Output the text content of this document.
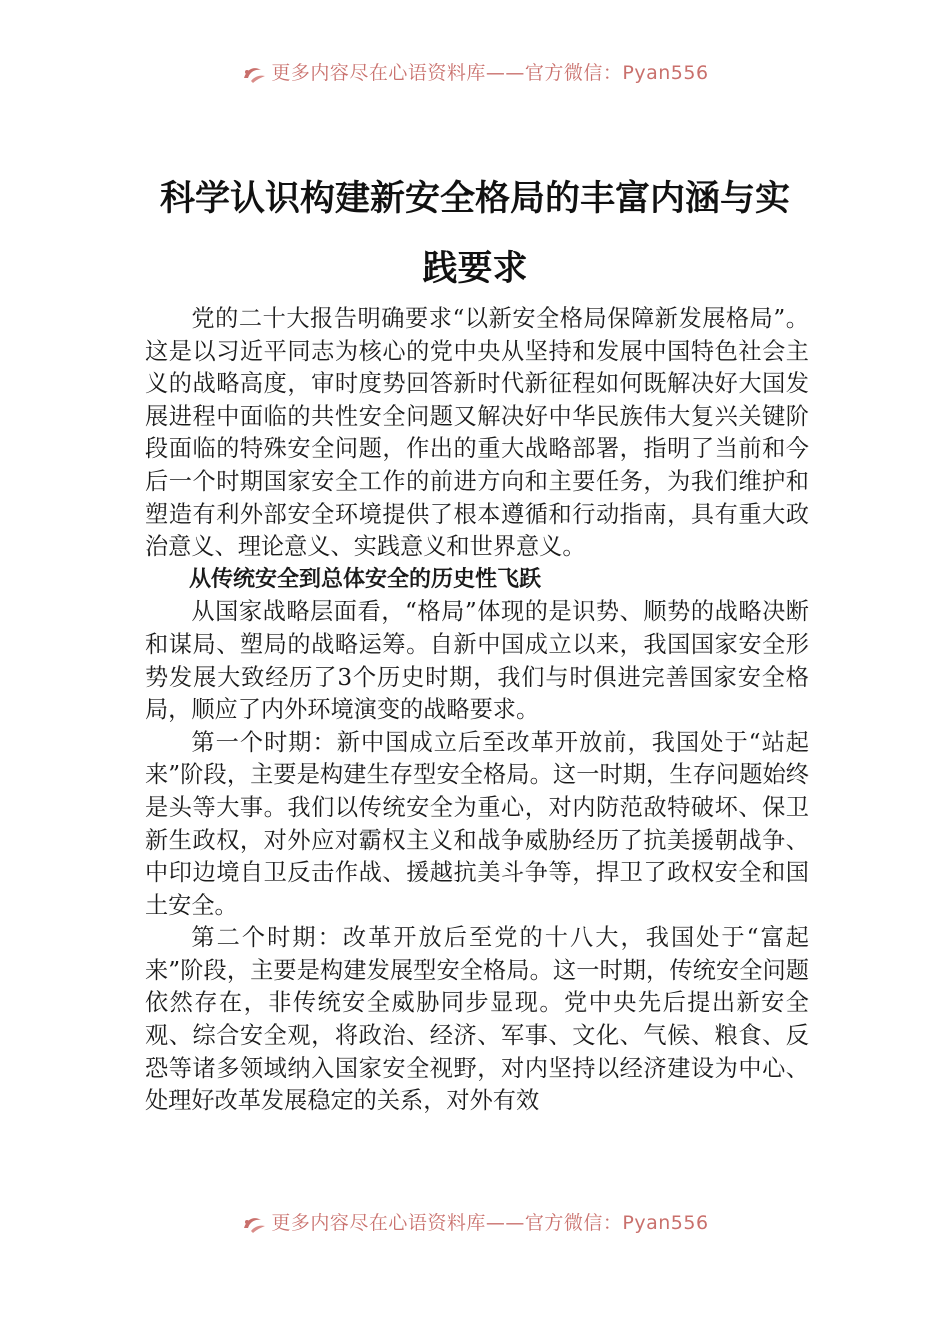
更多内容尽在心语资料库——官方微信：Pyan556
科学认识构建新安全格局的丰富内涵与实
践要求

党的二十大报告明确要求“以新安全格局保障新发展格局”。这是以习近平同志为核心的党中央从坚持和发展中国特色社会主义的战略高度，审时度势回答新时代新征程如何既解决好大国发展进程中面临的共性安全问题又解决好中华民族伟大复兴关键阶段面临的特殊安全问题，作出的重大战略部署，指明了当前和今后一个时期国家安全工作的前进方向和主要任务，为我们维护和塑造有利外部安全环境提供了根本遵循和行动指南，具有重大政治意义、理论意义、实践意义和世界意义。

从传统安全到总体安全的历史性飞跃

从国家战略层面看，“格局”体现的是识势、顺势的战略决断和谋局、塑局的战略运筹。自新中国成立以来，我国国家安全形势发展大致经历了3个历史时期，我们与时俱进完善国家安全格局，顺应了内外环境演变的战略要求。

第一个时期：新中国成立后至改革开放前，我国处于“站起来”阶段，主要是构建生存型安全格局。这一时期，生存问题始终是头等大事。我们以传统安全为重心，对内防范敌特破坏、保卫新生政权，对外应对霸权主义和战争威胁经历了抗美援朝战争、中印边境自卫反击作战、援越抗美斗争等，捍卫了政权安全和国土安全。

第二个时期：改革开放后至党的十八大，我国处于“富起来”阶段，主要是构建发展型安全格局。这一时期，传统安全问题依然存在，非传统安全威胁同步显现。党中央先后提出新安全观、综合安全观，将政治、经济、军事、文化、气候、粮食、反恐等诸多领域纳入国家安全视野，对内坚持以经济建设为中心、处理好改革发展稳定的关系，对外有效

更多内容尽在心语资料库——官方微信：Pyan556
